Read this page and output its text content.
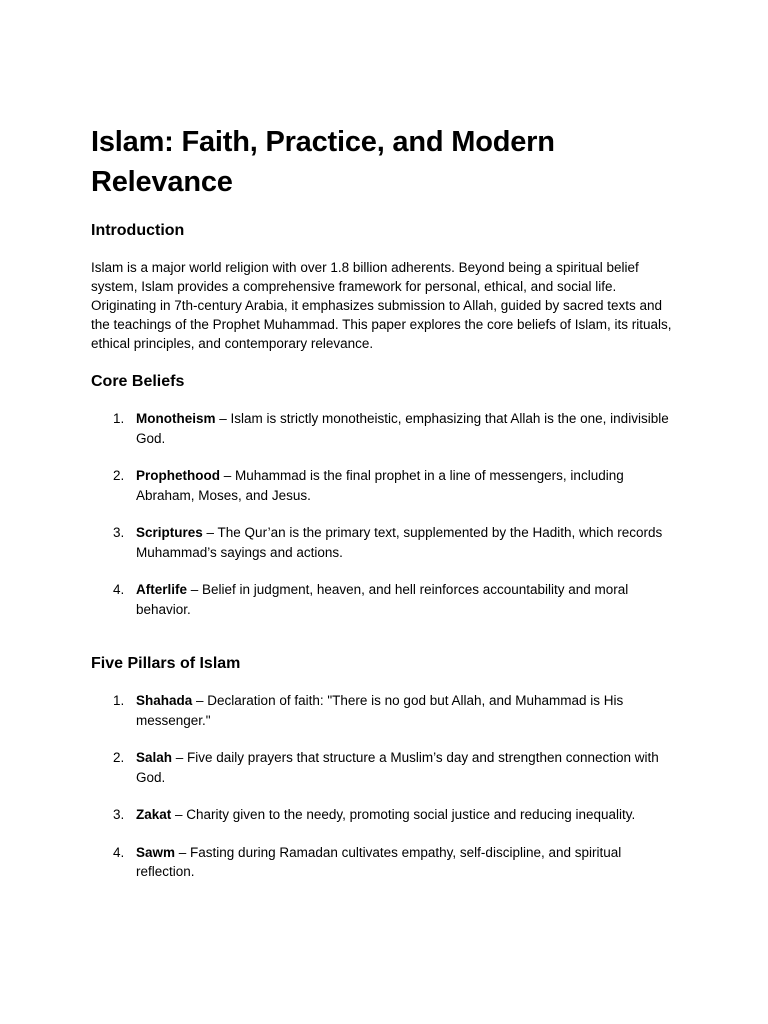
Islam: Faith, Practice, and Modern Relevance
Introduction

Islam is a major world religion with over 1.8 billion adherents. Beyond being a spiritual belief system, Islam provides a comprehensive framework for personal, ethical, and social life. Originating in 7th-century Arabia, it emphasizes submission to Allah, guided by sacred texts and the teachings of the Prophet Muhammad. This paper explores the core beliefs of Islam, its rituals, ethical principles, and contemporary relevance.

Core Beliefs
1. Monotheism – Islam is strictly monotheistic, emphasizing that Allah is the one, indivisible God.
2. Prophethood – Muhammad is the final prophet in a line of messengers, including Abraham, Moses, and Jesus.
3. Scriptures – The Qur’an is the primary text, supplemented by the Hadith, which records Muhammad’s sayings and actions.
4. Afterlife – Belief in judgment, heaven, and hell reinforces accountability and moral behavior.
Five Pillars of Islam
1. Shahada – Declaration of faith: "There is no god but Allah, and Muhammad is His messenger."
2. Salah – Five daily prayers that structure a Muslim’s day and strengthen connection with God.
3. Zakat – Charity given to the needy, promoting social justice and reducing inequality.
4. Sawm – Fasting during Ramadan cultivates empathy, self-discipline, and spiritual reflection.
